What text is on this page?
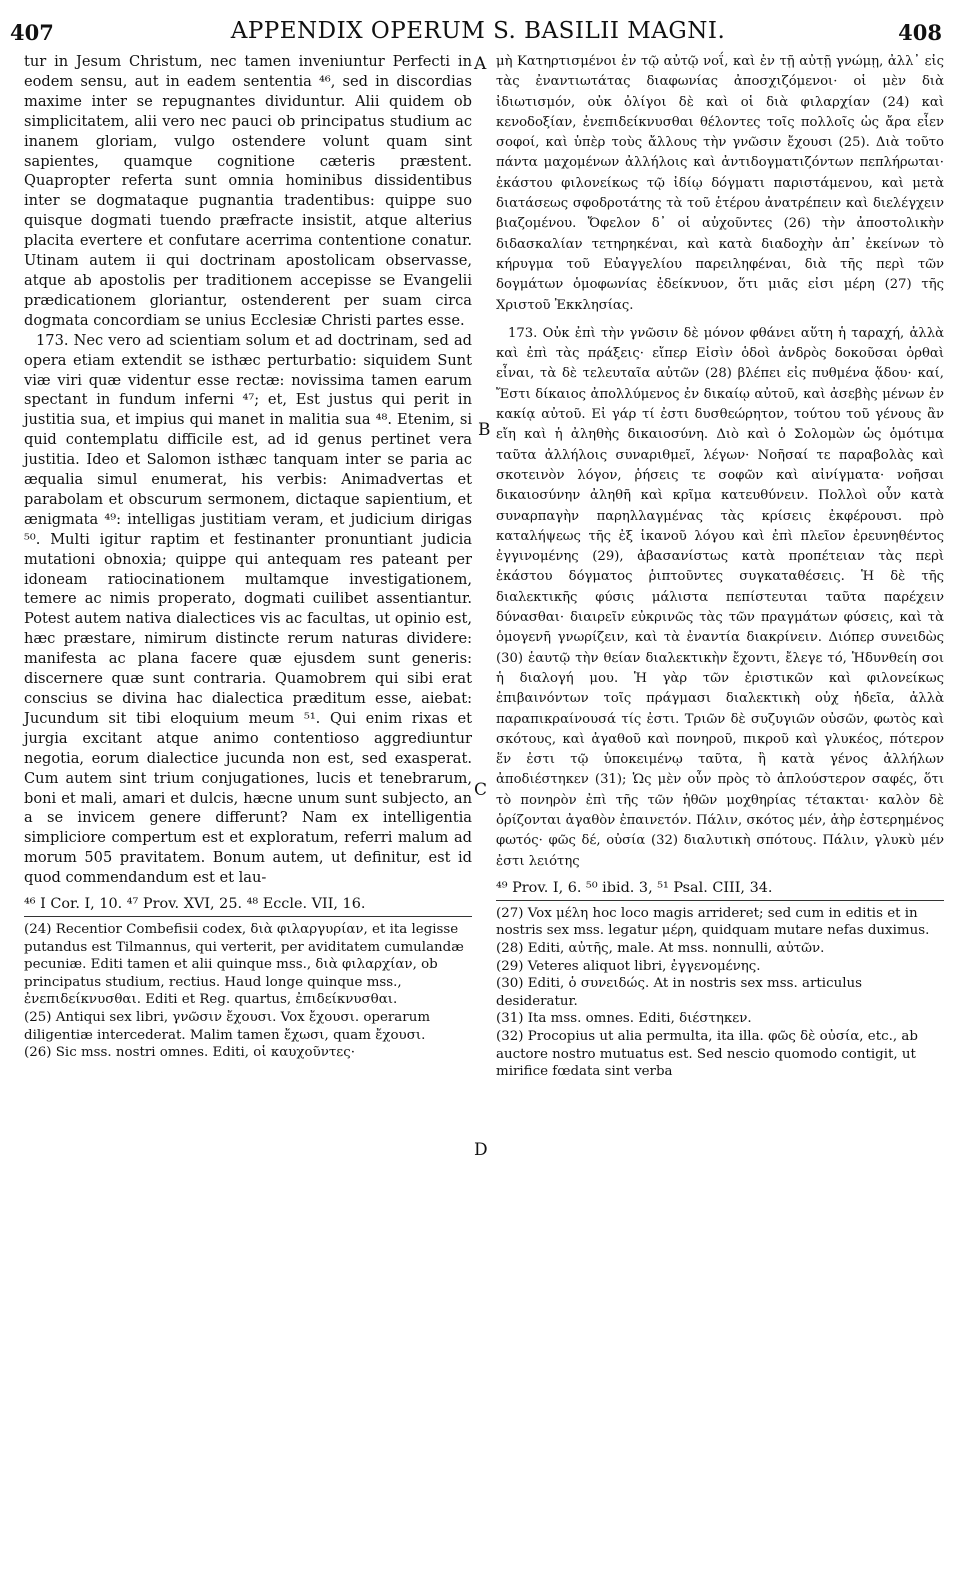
407	APPENDIX OPERUM S. BASILII MAGNI.	408

tur in Jesum Christum, nec tamen inveniuntur Perfecti in eodem sensu, aut in eadem sententia ⁴⁶, sed in discordias maxime inter se repugnantes dividuntur. Alii quidem ob simplicitatem, alii vero nec pauci ob principatus studium ac inanem gloriam, vulgo ostendere volunt quam sint sapientes, quamque cognitione cæteris præstent. Quapropter referta sunt omnia hominibus dissidentibus inter se dogmataque pugnantia tradentibus: quippe suo quisque dogmati tuendo præfracte insistit, atque alterius placita evertere et confutare acerrima contentione conatur. Utinam autem ii qui doctrinam apostolicam observasse, atque ab apostolis per traditionem accepisse se Evangelii prædicationem gloriantur, ostenderent per suam circa dogmata concordiam se unius Ecclesiæ Christi partes esse.

173. Nec vero ad scientiam solum et ad doctrinam, sed ad opera etiam extendit se isthæc perturbatio: siquidem Sunt viæ viri quæ videntur esse rectæ: novissima tamen earum spectant in fundum inferni ⁴⁷; et, Est justus qui perit in justitia sua, et impius qui manet in malitia sua ⁴⁸. Etenim, si quid contemplatu difficile est, ad id genus pertinet vera justitia. Ideo et Salomon isthæc tanquam inter se paria ac æqualia simul enumerat, his verbis: Animadvertas et parabolam et obscurum sermonem, dictaque sapientium, et ænigmata ⁴⁹: intelligas justitiam veram, et judicium dirigas ⁵⁰. Multi igitur raptim et festinanter pronuntiant judicia mutationi obnoxia; quippe qui antequam res pateant per idoneam ratiocinationem multamque investigationem, temere ac nimis properato, dogmati cuilibet assentiantur. Potest autem nativa dialectices vis ac facultas, ut opinio est, hæc præstare, nimirum distincte rerum naturas dividere: manifesta ac plana facere quæ ejusdem sunt generis: discernere quæ sunt contraria. Quamobrem qui sibi erat conscius se divina hac dialectica præditum esse, aiebat: Jucundum sit tibi eloquium meum ⁵¹. Qui enim rixas et jurgia excitant atque animo contentioso aggrediuntur negotia, eorum dialectice jucunda non est, sed exasperat. Cum autem sint trium conjugationes, lucis et tenebrarum, boni et mali, amari et dulcis, hæcne unum sunt subjecto, an a se invicem genere differunt? Nam ex intelligentia simpliciore compertum est et exploratum, referri malum ad morum 505 pravitatem. Bonum autem, ut definitur, est id quod commendandum est et lau-

⁴⁶ I Cor. I, 10. ⁴⁷ Prov. XVI, 25. ⁴⁸ Eccle. VII, 16.

(24) Recentior Combefisii codex, διὰ φιλαργυρίαν, et ita legisse putandus est Tilmannus, qui verterit, per aviditatem cumulandæ pecuniæ. Editi tamen et alii quinque mss., διὰ φιλαρχίαν, ob principatus studium, rectius. Haud longe quinque mss., ἐνεπιδείκνυσθαι. Editi et Reg. quartus, ἐπιδείκνυσθαι.

(25) Antiqui sex libri, γνῶσιν ἔχουσι. Vox ἔχουσι. operarum diligentiæ intercederat. Malim tamen ἔχωσι, quam ἔχουσι.

(26) Sic mss. nostri omnes. Editi, οἱ καυχοῦντες·

μὴ Κατηρτισμένοι ἐν τῷ αὐτῷ νοΐ, καὶ ἐν τῇ αὐτῇ γνώμῃ, ἀλλ᾽ εἰς τὰς ἐναντιωτάτας διαφωνίας ἀποσχιζόμενοι· οἱ μὲν διὰ ἰδιωτισμόν, οὐκ ὀλίγοι δὲ καὶ οἱ διὰ φιλαρχίαν (24) καὶ κενοδοξίαν, ἐνεπιδείκνυσθαι θέλοντες τοῖς πολλοῖς ὡς ἄρα εἶεν σοφοί, καὶ ὑπὲρ τοὺς ἄλλους τὴν γνῶσιν ἔχουσι (25). Διὰ τοῦτο πάντα μαχομένων ἀλλήλοις καὶ ἀντιδογματιζόντων πεπλήρωται· ἑκάστου φιλονείκως τῷ ἰδίῳ δόγματι παριστάμενου, καὶ μετὰ διατάσεως σφοδροτάτης τὰ τοῦ ἑτέρου ἀνατρέπειν καὶ διελέγχειν βιαζομένου. Ὄφελον δ᾽ οἱ αὐχοῦντες (26) τὴν ἀποστολικὴν διδασκαλίαν τετηρηκέναι, καὶ κατὰ διαδοχὴν ἀπ᾽ ἐκείνων τὸ κήρυγμα τοῦ Εὐαγγελίου παρειληφέναι, διὰ τῆς περὶ τῶν δογμάτων ὁμοφωνίας ἐδείκνυον, ὅτι μιᾶς εἰσι μέρη (27) τῆς Χριστοῦ Ἐκκλησίας.

173. Οὐκ ἐπὶ τὴν γνῶσιν δὲ μόνον φθάνει αὕτη ἡ ταραχή, ἀλλὰ καὶ ἐπὶ τὰς πράξεις· εἴπερ Εἰσὶν ὁδοὶ ἀνδρὸς δοκοῦσαι ὀρθαὶ εἶναι, τὰ δὲ τελευταῖα αὐτῶν (28) βλέπει εἰς πυθμένα ᾅδου· καί, Ἔστι δίκαιος ἀπολλύμενος ἐν δικαίῳ αὐτοῦ, καὶ ἀσεβὴς μένων ἐν κακίᾳ αὐτοῦ. Εἰ γάρ τί ἐστι δυσθεώρητον, τούτου τοῦ γένους ἂν εἴη καὶ ἡ ἀληθὴς δικαιοσύνη. Διὸ καὶ ὁ Σολομὼν ὡς ὁμότιμα ταῦτα ἀλλήλοις συναριθμεῖ, λέγων· Νοῆσαί τε παραβολὰς καὶ σκοτεινὸν λόγον, ῥήσεις τε σοφῶν καὶ αἰνίγματα· νοῆσαι δικαιοσύνην ἀληθῆ καὶ κρῖμα κατευθύνειν. Πολλοὶ οὖν κατὰ συναρπαγὴν παρηλλαγμένας τὰς κρίσεις ἐκφέρουσι. πρὸ καταλήψεως τῆς ἐξ ἱκανοῦ λόγου καὶ ἐπὶ πλεῖον ἐρευνηθέντος ἐγγινομένης (29), ἀβασανίστως κατὰ προπέτειαν τὰς περὶ ἑκάστου δόγματος ῥιπτοῦντες συγκαταθέσεις. Ἡ δὲ τῆς διαλεκτικῆς φύσις μάλιστα πεπίστευται ταῦτα παρέχειν δύνασθαι· διαιρεῖν εὐκρινῶς τὰς τῶν πραγμάτων φύσεις, καὶ τὰ ὁμογενῆ γνωρίζειν, καὶ τὰ ἐναντία διακρίνειν. Διόπερ συνειδὼς (30) ἑαυτῷ τὴν θείαν διαλεκτικὴν ἔχοντι, ἔλεγε τό, Ἡδυνθείη σοι ἡ διαλογή μου. Ἡ γὰρ τῶν ἐριστικῶν καὶ φιλονείκως ἐπιβαινόντων τοῖς πράγμασι διαλεκτικὴ οὐχ ἡδεῖα, ἀλλὰ παραπικραίνουσά τίς ἐστι. Τριῶν δὲ συζυγιῶν οὐσῶν, φωτὸς καὶ σκότους, καὶ ἀγαθοῦ καὶ πονηροῦ, πικροῦ καὶ γλυκέος, πότερον ἕν ἐστι τῷ ὑποκειμένῳ ταῦτα, ἢ κατὰ γένος ἀλλήλων ἀποδιέστηκεν (31); Ὡς μὲν οὖν πρὸς τὸ ἁπλούστερον σαφές, ὅτι τὸ πονηρὸν ἐπὶ τῆς τῶν ἠθῶν μοχθηρίας τέτακται· καλὸν δὲ ὁρίζονται ἀγαθὸν ἐπαινετόν. Πάλιν, σκότος μέν, ἀὴρ ἐστερημένος φωτός· φῶς δέ, οὐσία (32) διαλυτικὴ σπότους. Πάλιν, γλυκὺ μέν ἐστι λειότης

⁴⁹ Prov. I, 6. ⁵⁰ ibid. 3, ⁵¹ Psal. CIII, 34.

(27) Vox μέλη hoc loco magis arrideret; sed cum in editis et in nostris sex mss. legatur μέρη, quidquam mutare nefas duximus.

(28) Editi, αὐτῆς, male. At mss. nonnulli, αὐτῶν.

(29) Veteres aliquot libri, ἐγγενομένης.

(30) Editi, ὁ συνειδώς. At in nostris sex mss. articulus desideratur.

(31) Ita mss. omnes. Editi, διέστηκεν.

(32) Procopius ut alia permulta, ita illa. φῶς δὲ οὐσία, etc., ab auctore nostro mutuatus est. Sed nescio quomodo contigit, ut mirifice fœdata sint verba

A
B
C
D
